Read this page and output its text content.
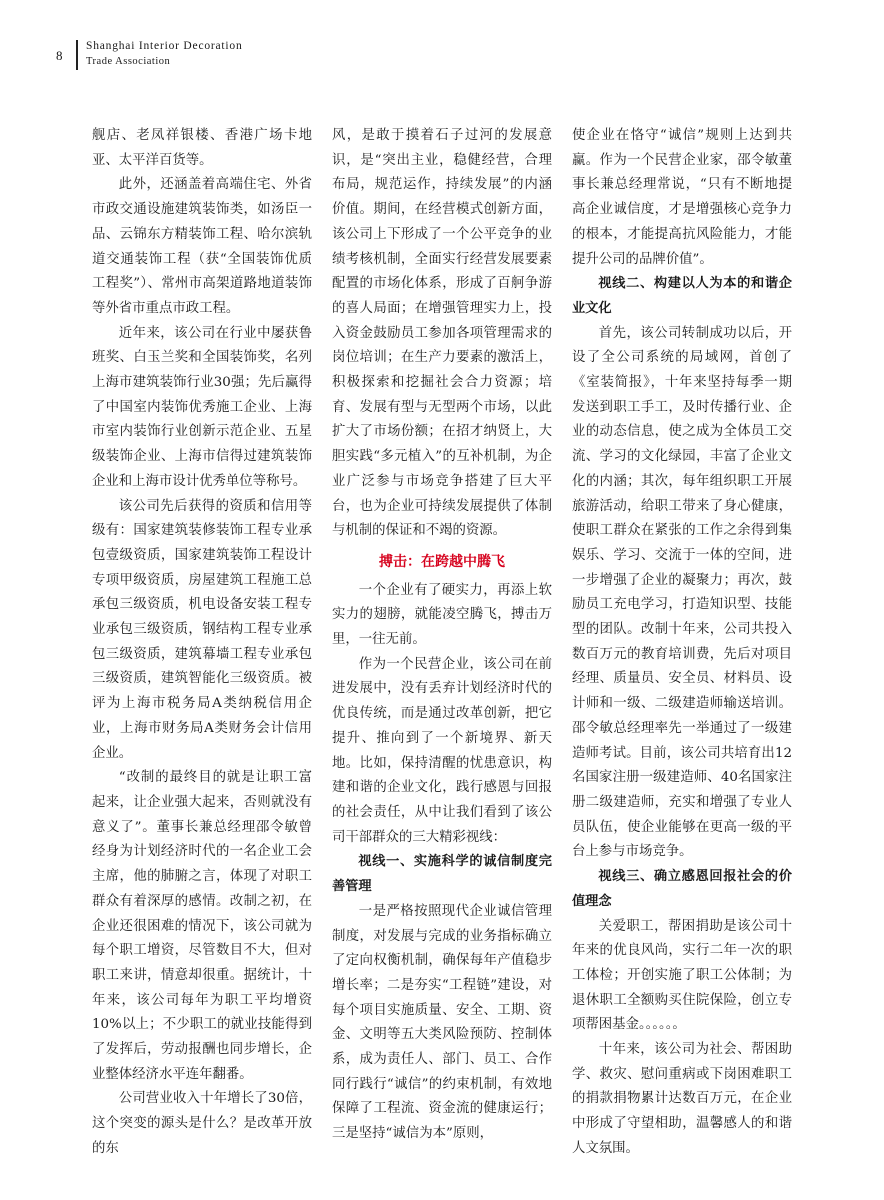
8
Shanghai Interior Decoration
Trade Association

舰店、老凤祥银楼、香港广场卡地亚、太平洋百货等。

此外，还涵盖着高端住宅、外省市政交通设施建筑装饰类，如汤臣一品、云锦东方精装饰工程、哈尔滨轨道交通装饰工程（获“全国装饰优质工程奖”）、常州市高架道路地道装饰等外省市重点市政工程。

近年来，该公司在行业中屡获鲁班奖、白玉兰奖和全国装饰奖，名列上海市建筑装饰行业30强；先后赢得了中国室内装饰优秀施工企业、上海市室内装饰行业创新示范企业、五星级装饰企业、上海市信得过建筑装饰企业和上海市设计优秀单位等称号。

该公司先后获得的资质和信用等级有：国家建筑装修装饰工程专业承包壹级资质，国家建筑装饰工程设计专项甲级资质，房屋建筑工程施工总承包三级资质，机电设备安装工程专业承包三级资质，钢结构工程专业承包三级资质，建筑幕墙工程专业承包三级资质，建筑智能化三级资质。被评为上海市税务局A类纳税信用企业，上海市财务局A类财务会计信用企业。

“改制的最终目的就是让职工富起来，让企业强大起来，否则就没有意义了”。董事长兼总经理邵令敏曾经身为计划经济时代的一名企业工会主席，他的肺腑之言，体现了对职工群众有着深厚的感情。改制之初，在企业还很困难的情况下，该公司就为每个职工增资，尽管数目不大，但对职工来讲，情意却很重。据统计，十年来，该公司每年为职工平均增资10%以上；不少职工的就业技能得到了发挥后，劳动报酬也同步增长，企业整体经济水平连年翻番。

公司营业收入十年增长了30倍，这个突变的源头是什么？是改革开放的东

风，是敢于摸着石子过河的发展意识，是“突出主业，稳健经营，合理布局，规范运作，持续发展”的内涵价值。期间，在经营模式创新方面，该公司上下形成了一个公平竞争的业绩考核机制，全面实行经营发展要素配置的市场化体系，形成了百舸争游的喜人局面；在增强管理实力上，投入资金鼓励员工参加各项管理需求的岗位培训；在生产力要素的激活上，积极探索和挖掘社会合力资源；培育、发展有型与无型两个市场，以此扩大了市场份额；在招才纳贤上，大胆实践“多元植入”的互补机制，为企业广泛参与市场竞争搭建了巨大平台，也为企业可持续发展提供了体制与机制的保证和不竭的资源。

搏击：在跨越中腾飞

一个企业有了硬实力，再添上软实力的翅膀，就能凌空腾飞，搏击万里，一往无前。

作为一个民营企业，该公司在前进发展中，没有丢弃计划经济时代的优良传统，而是通过改革创新，把它提升、推向到了一个新境界、新天地。比如，保持清醒的忧患意识，构建和谐的企业文化，践行感恩与回报的社会责任，从中让我们看到了该公司干部群众的三大精彩视线：

视线一、实施科学的诚信制度完善管理

一是严格按照现代企业诚信管理制度，对发展与完成的业务指标确立了定向权衡机制，确保每年产值稳步增长率；二是夯实“工程链”建设，对每个项目实施质量、安全、工期、资金、文明等五大类风险预防、控制体系，成为责任人、部门、员工、合作同行践行“诚信”的约束机制，有效地保障了工程流、资金流的健康运行；三是坚持“诚信为本”原则，

使企业在恪守“诚信”规则上达到共赢。作为一个民营企业家，邵令敏董事长兼总经理常说，“只有不断地提高企业诚信度，才是增强核心竞争力的根本，才能提高抗风险能力，才能提升公司的品牌价值”。

视线二、构建以人为本的和谐企业文化

首先，该公司转制成功以后，开设了全公司系统的局域网，首创了《室装简报》，十年来坚持每季一期发送到职工手工，及时传播行业、企业的动态信息，使之成为全体员工交流、学习的文化绿园，丰富了企业文化的内涵；其次，每年组织职工开展旅游活动，给职工带来了身心健康，使职工群众在紧张的工作之余得到集娱乐、学习、交流于一体的空间，进一步增强了企业的凝聚力；再次，鼓励员工充电学习，打造知识型、技能型的团队。改制十年来，公司共投入数百万元的教育培训费，先后对项目经理、质量员、安全员、材料员、设计师和一级、二级建造师输送培训。邵令敏总经理率先一举通过了一级建造师考试。目前，该公司共培育出12名国家注册一级建造师、40名国家注册二级建造师，充实和增强了专业人员队伍，使企业能够在更高一级的平台上参与市场竞争。

视线三、确立感恩回报社会的价值理念

关爱职工，帮困捐助是该公司十年来的优良风尚，实行二年一次的职工体检；开创实施了职工公体制；为退休职工全额购买住院保险，创立专项帮困基金。。。。。。

十年来，该公司为社会、帮困助学、救灾、慰问重病或下岗困难职工的捐款捐物累计达数百万元，在企业中形成了守望相助，温馨感人的和谐人文氛围。
